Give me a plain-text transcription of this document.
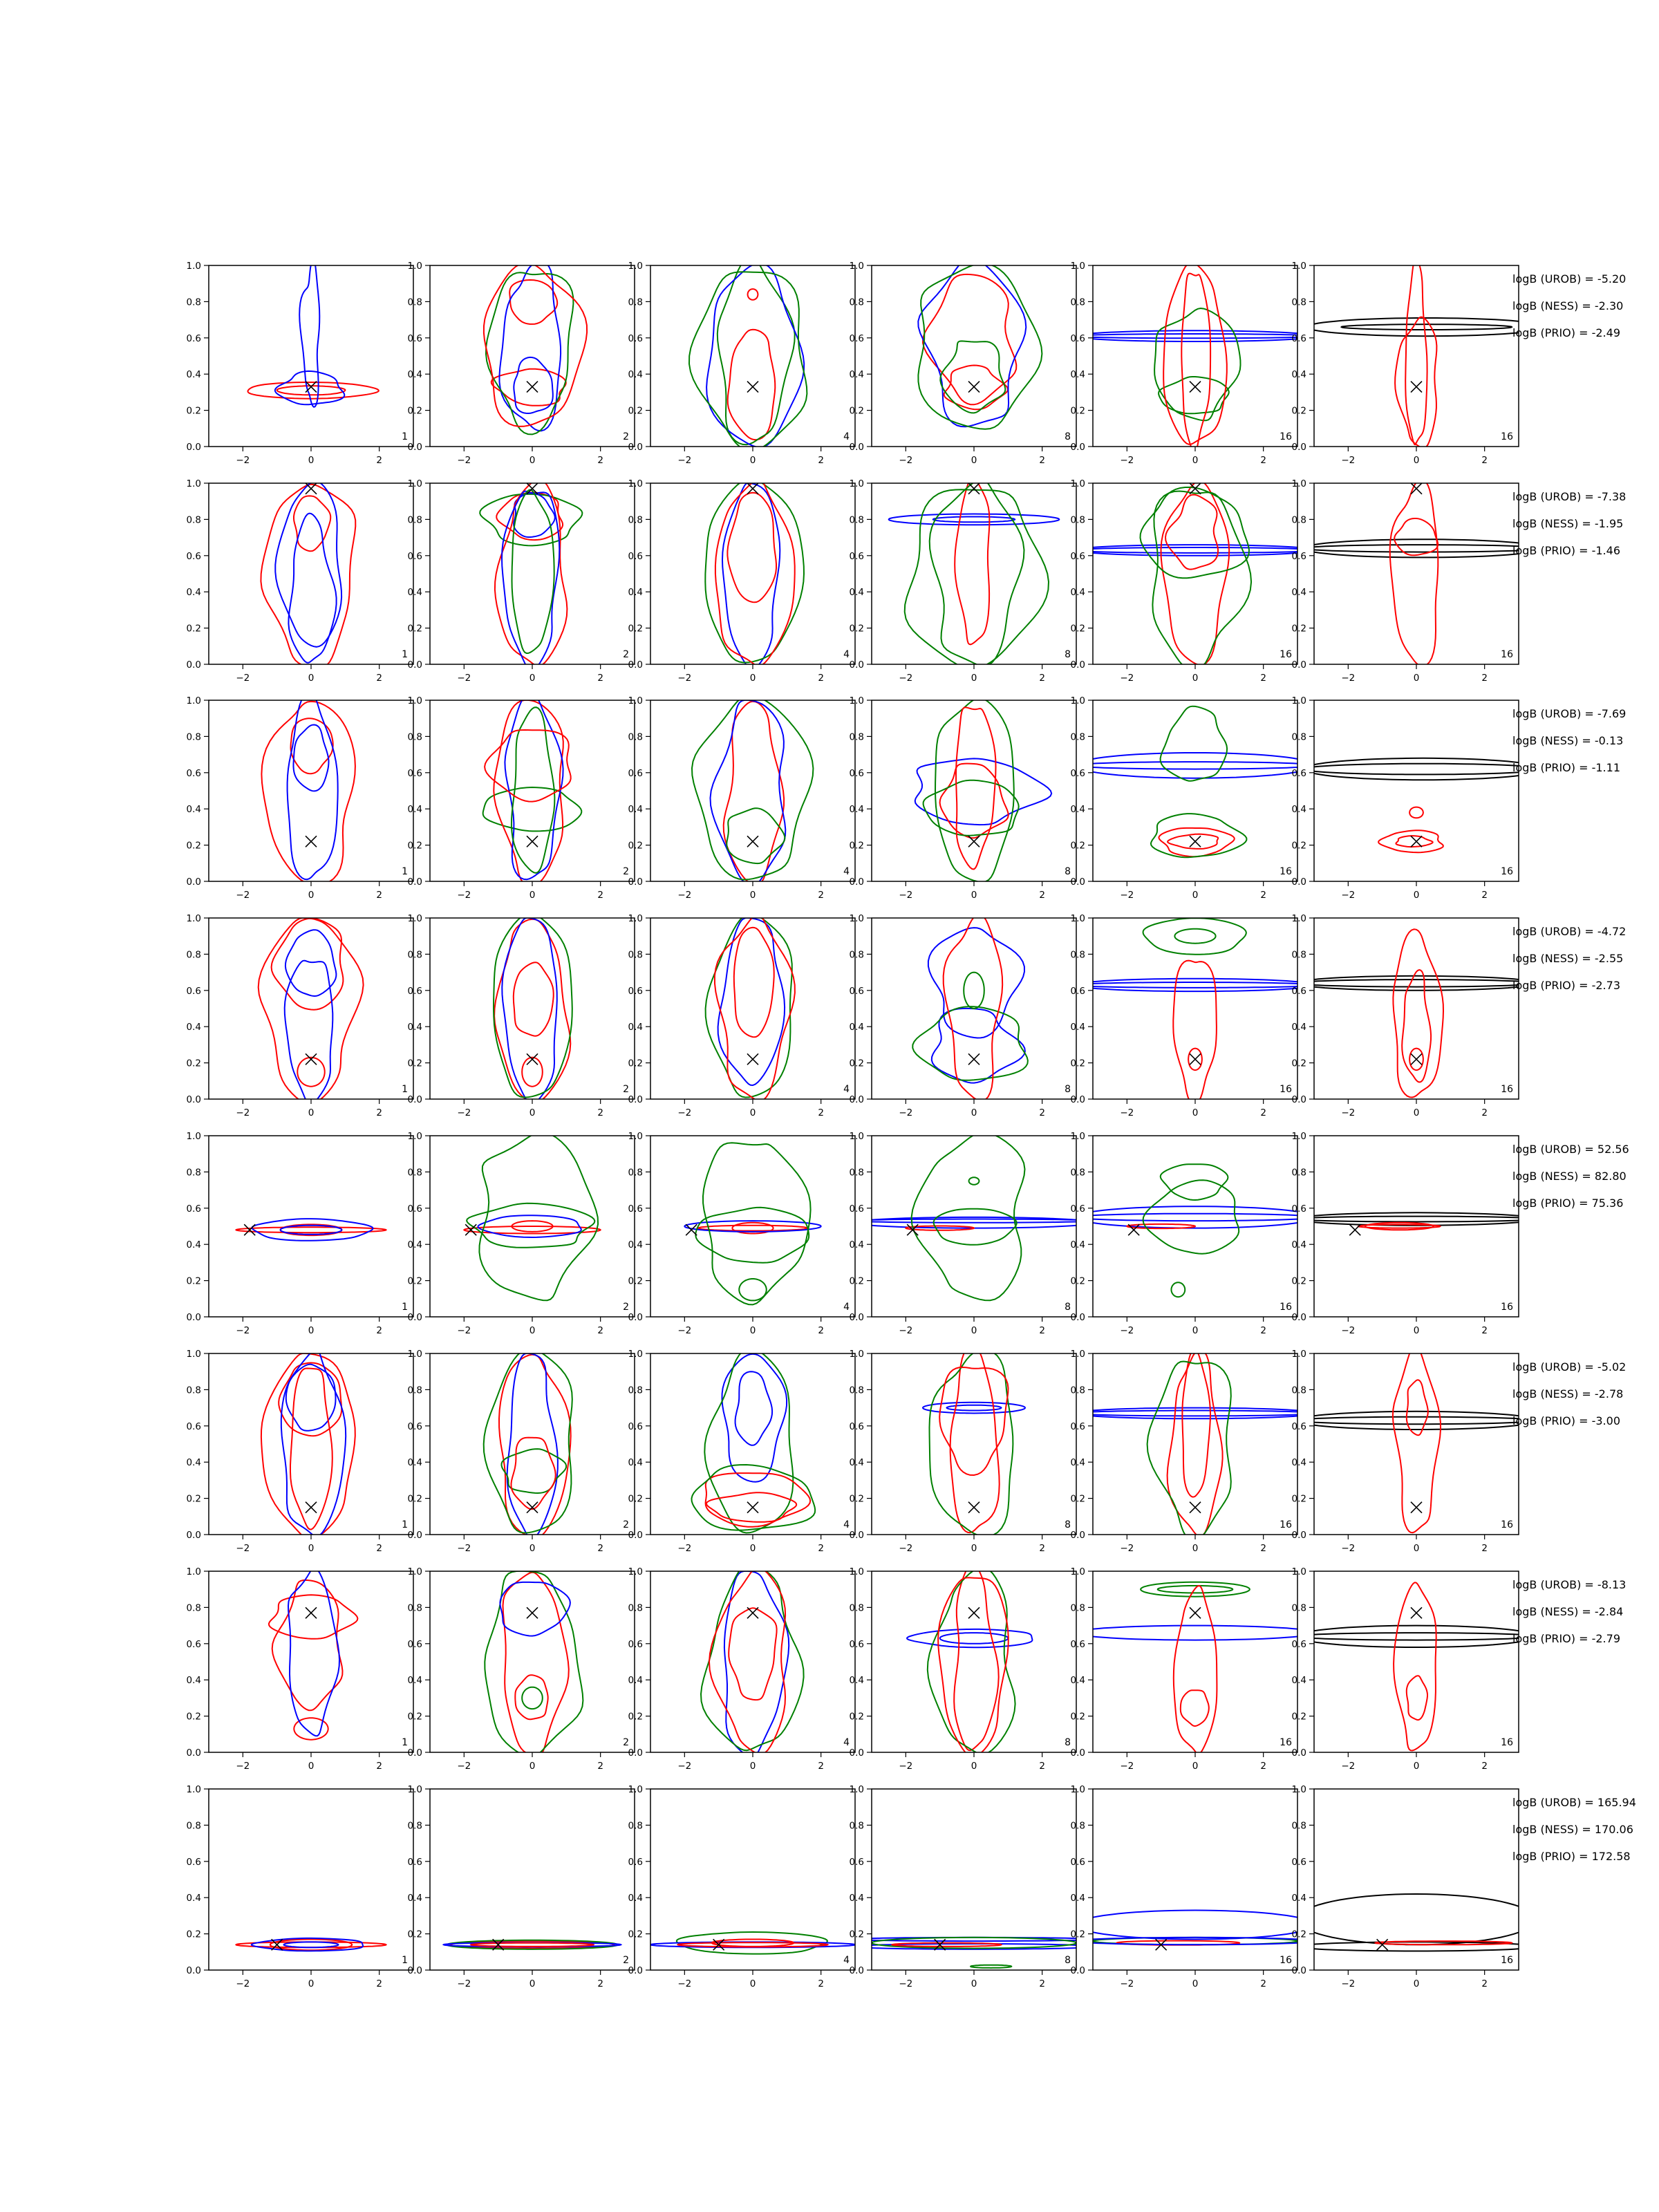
−2	0	2
0.0
0.2
0.4
0.6
0.8
1.0
1
−2	0	2
0.0
0.2
0.4
0.6
0.8
1.0
2
−2	0	2
0.0
0.2
0.4
0.6
0.8
1.0
4
−2	0	2
0.0
0.2
0.4
0.6
0.8
1.0
8
−2	0	2
0.0
0.2
0.4
0.6
0.8
1.0
16
−2	0	2
0.0
0.2
0.4
0.6
0.8
1.0
16
logB (UROB) = -5.20
logB (NESS) = -2.30
logB (PRIO) = -2.49
−2	0	2
0.0
0.2
0.4
0.6
0.8
1.0
1
−2	0	2
0.0
0.2
0.4
0.6
0.8
1.0
2
−2	0	2
0.0
0.2
0.4
0.6
0.8
1.0
4
−2	0	2
0.0
0.2
0.4
0.6
0.8
1.0
8
−2	0	2
0.0
0.2
0.4
0.6
0.8
1.0
16
−2	0	2
0.0
0.2
0.4
0.6
0.8
1.0
16
logB (UROB) = -7.38
logB (NESS) = -1.95
logB (PRIO) = -1.46
−2	0	2
0.0
0.2
0.4
0.6
0.8
1.0
1
−2	0	2
0.0
0.2
0.4
0.6
0.8
1.0
2
−2	0	2
0.0
0.2
0.4
0.6
0.8
1.0
4
−2	0	2
0.0
0.2
0.4
0.6
0.8
1.0
8
−2	0	2
0.0
0.2
0.4
0.6
0.8
1.0
16
−2	0	2
0.0
0.2
0.4
0.6
0.8
1.0
16
logB (UROB) = -7.69
logB (NESS) = -0.13
logB (PRIO) = -1.11
−2	0	2
0.0
0.2
0.4
0.6
0.8
1.0
1
−2	0	2
0.0
0.2
0.4
0.6
0.8
1.0
2
−2	0	2
0.0
0.2
0.4
0.6
0.8
1.0
4
−2	0	2
0.0
0.2
0.4
0.6
0.8
1.0
8
−2	0	2
0.0
0.2
0.4
0.6
0.8
1.0
16
−2	0	2
0.0
0.2
0.4
0.6
0.8
1.0
16
logB (UROB) = -4.72
logB (NESS) = -2.55
logB (PRIO) = -2.73
−2	0	2
0.0
0.2
0.4
0.6
0.8
1.0
1
−2	0	2
0.0
0.2
0.4
0.6
0.8
1.0
2
−2	0	2
0.0
0.2
0.4
0.6
0.8
1.0
4
−2	0	2
0.0
0.2
0.4
0.6
0.8
1.0
8
−2	0	2
0.0
0.2
0.4
0.6
0.8
1.0
16
−2	0	2
0.0
0.2
0.4
0.6
0.8
1.0
16
logB (UROB) = 52.56
logB (NESS) = 82.80
logB (PRIO) = 75.36
−2	0	2
0.0
0.2
0.4
0.6
0.8
1.0
1
−2	0	2
0.0
0.2
0.4
0.6
0.8
1.0
2
−2	0	2
0.0
0.2
0.4
0.6
0.8
1.0
4
−2	0	2
0.0
0.2
0.4
0.6
0.8
1.0
8
−2	0	2
0.0
0.2
0.4
0.6
0.8
1.0
16
−2	0	2
0.0
0.2
0.4
0.6
0.8
1.0
16
logB (UROB) = -5.02
logB (NESS) = -2.78
logB (PRIO) = -3.00
−2	0	2
0.0
0.2
0.4
0.6
0.8
1.0
1
−2	0	2
0.0
0.2
0.4
0.6
0.8
1.0
2
−2	0	2
0.0
0.2
0.4
0.6
0.8
1.0
4
−2	0	2
0.0
0.2
0.4
0.6
0.8
1.0
8
−2	0	2
0.0
0.2
0.4
0.6
0.8
1.0
16
−2	0	2
0.0
0.2
0.4
0.6
0.8
1.0
16
logB (UROB) = -8.13
logB (NESS) = -2.84
logB (PRIO) = -2.79
−2	0	2
0.0
0.2
0.4
0.6
0.8
1.0
1
−2	0	2
0.0
0.2
0.4
0.6
0.8
1.0
2
−2	0	2
0.0
0.2
0.4
0.6
0.8
1.0
4
−2	0	2
0.0
0.2
0.4
0.6
0.8
1.0
8
−2	0	2
0.0
0.2
0.4
0.6
0.8
1.0
16
−2	0	2
0.0
0.2
0.4
0.6
0.8
1.0
16
logB (UROB) = 165.94
logB (NESS) = 170.06
logB (PRIO) = 172.58
